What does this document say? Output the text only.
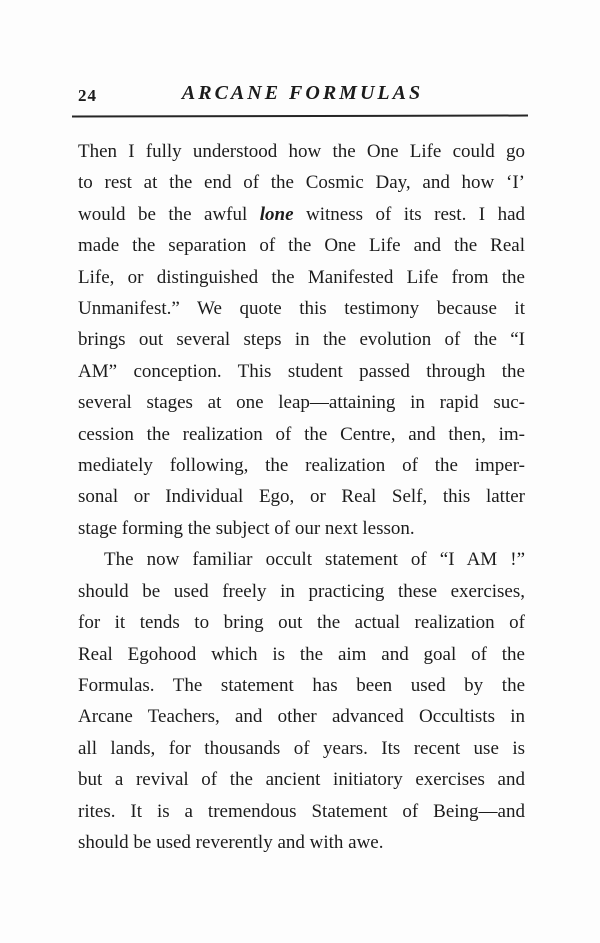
24	ARCANE FORMULAS

Then I fully understood how the One Life could go
to rest at the end of the Cosmic Day, and how ‘I’
would be the awful lone witness of its rest. I had
made the separation of the One Life and the Real
Life, or distinguished the Manifested Life from the
Unmanifest.” We quote this testimony because it
brings out several steps in the evolution of the “I
AM” conception. This student passed through the
several stages at one leap—attaining in rapid suc-
cession the realization of the Centre, and then, im-
mediately following, the realization of the imper-
sonal or Individual Ego, or Real Self, this latter
stage forming the subject of our next lesson.

The now familiar occult statement of “I AM !”
should be used freely in practicing these exercises,
for it tends to bring out the actual realization of
Real Egohood which is the aim and goal of the
Formulas. The statement has been used by the
Arcane Teachers, and other advanced Occultists in
all lands, for thousands of years. Its recent use is
but a revival of the ancient initiatory exercises and
rites. It is a tremendous Statement of Being—and
should be used reverently and with awe.
